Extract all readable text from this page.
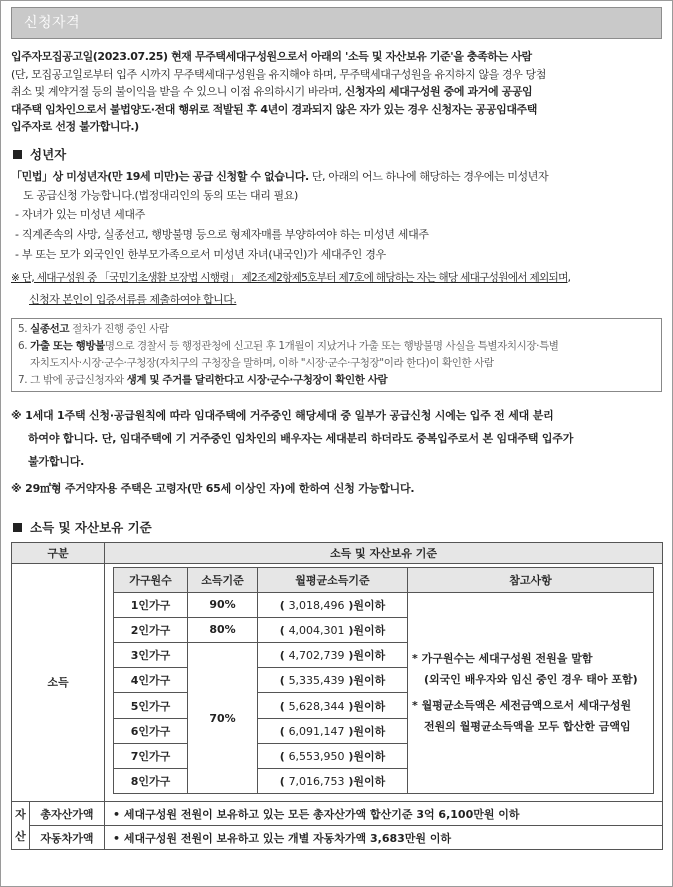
신청자격
입주자모집공고일(2023.07.25) 현재 무주택세대구성원으로서 아래의 '소득 및 자산보유 기준'을 충족하는 사람
(단, 모집공고일로부터 입주 시까지 무주택세대구성원을 유지해야 하며, 무주택세대구성원을 유지하지 않을 경우 당첨
취소 및 계약거절 등의 불이익을 받을 수 있으니 이점 유의하시기 바라며, 신청자의 세대구성원 중에 과거에 공공임
대주택 임차인으로서 불법양도·전대 행위로 적발된 후 4년이 경과되지 않은 자가 있는 경우 신청자는 공공임대주택
입주자로 선정 불가합니다.)
성년자
「민법」상 미성년자(만 19세 미만)는 공급 신청할 수 없습니다. 단, 아래의 어느 하나에 해당하는 경우에는 미성년자
도 공급신청 가능합니다.(법정대리인의 동의 또는 대리 필요)
- 자녀가 있는 미성년 세대주
- 직계존속의 사망, 실종선고, 행방불명 등으로 형제자매를 부양하여야 하는 미성년 세대주
- 부 또는 모가 외국인인 한부모가족으로서 미성년 자녀(내국인)가 세대주인 경우
※ 단, 세대구성원 중 「국민기초생활 보장법 시행령」 제2조제2항제5호부터 제7호에 해당하는 자는 해당 세대구성원에서 제외되며,
신청자 본인이 입증서류를 제출하여야 합니다.
5. 실종선고 절차가 진행 중인 사람
6. 가출 또는 행방불명으로 경찰서 등 행정관청에 신고된 후 1개월이 지났거나 가출 또는 행방불명 사실을 특별자치시장·특별
자치도지사·시장·군수·구청장(자치구의 구청장을 말하며, 이하 "시장·군수·구청장"이라 한다)이 확인한 사람
7. 그 밖에 공급신청자와 생계 및 주거를 달리한다고 시장·군수·구청장이 확인한 사람
※ 1세대 1주택 신청·공급원칙에 따라 임대주택에 거주중인 해당세대 중 일부가 공급신청 시에는 입주 전 세대 분리
하여야 합니다. 단, 임대주택에 기 거주중인 임차인의 배우자는 세대분리 하더라도 중복입주로서 본 임대주택 입주가
불가합니다.
※ 29㎡형 주거약자용 주택은 고령자(만 65세 이상인 자)에 한하여 신청 가능합니다.
소득 및 자산보유 기준
구분	소득 및 자산보유 기준
소득	
가구원수	소득기준	월평균소득기준	참고사항
1인가구	90%	( 3,018,496 )원이하	
* 가구원수는 세대구성원 전원을 말함
(외국인 배우자와 임신 중인 경우 태아 포함)
* 월평균소득액은 세전금액으로서 세대구성원
전원의 월평균소득액을 모두 합산한 금액임

2인가구	80%	( 4,004,301 )원이하
3인가구	70%	( 4,702,739 )원이하
4인가구	( 5,335,439 )원이하
5인가구	( 5,628,344 )원이하
6인가구	( 6,091,147 )원이하
7인가구	( 6,553,950 )원이하
8인가구	( 7,016,753 )원이하

자
산
	총자산가액	• 세대구성원 전원이 보유하고 있는 모든 총자산가액 합산기준 3억 6,100만원 이하
자동차가액	• 세대구성원 전원이 보유하고 있는 개별 자동차가액 3,683만원 이하
